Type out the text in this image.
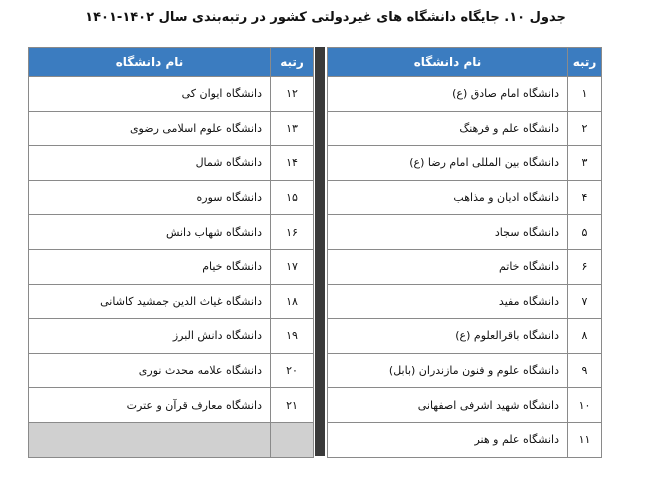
جدول ۱۰. جایگاه دانشگاه های غیردولتی کشور در رتبه‌بندی سال ۱۴۰۲-۱۴۰۱
رتبه	نام دانشگاه
۱	دانشگاه امام صادق (ع)
۲	دانشگاه علم و فرهنگ
۳	دانشگاه بین المللی امام رضا (ع)
۴	دانشگاه ادیان و مذاهب
۵	دانشگاه سجاد
۶	دانشگاه خاتم
۷	دانشگاه مفید
۸	دانشگاه باقرالعلوم (ع)
۹	دانشگاه علوم و فنون مازندران (بابل)
۱۰	دانشگاه شهید اشرفی اصفهانی
۱۱	دانشگاه علم و هنر
رتبه	نام دانشگاه
۱۲	دانشگاه ایوان کی
۱۳	دانشگاه علوم اسلامی رضوی
۱۴	دانشگاه شمال
۱۵	دانشگاه سوره
۱۶	دانشگاه شهاب دانش
۱۷	دانشگاه خیام
۱۸	دانشگاه غیاث الدین جمشید کاشانی
۱۹	دانشگاه دانش البرز
۲۰	دانشگاه علامه محدث نوری
۲۱	دانشگاه معارف قرآن و عترت
